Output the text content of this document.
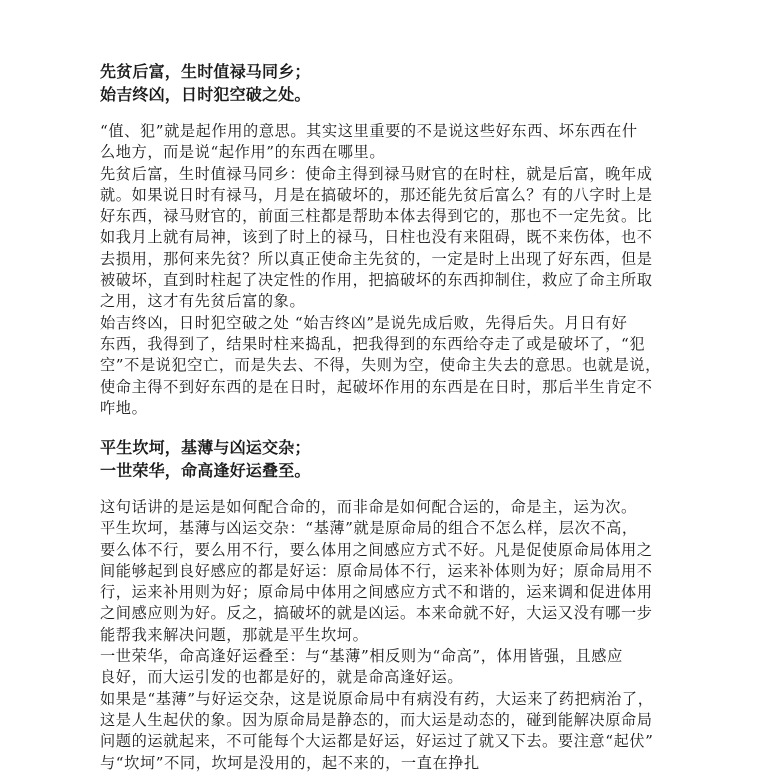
先贫后富，生时值禄马同乡；
始吉终凶，日时犯空破之处。
“值、犯”就是起作用的意思。其实这里重要的不是说这些好东西、坏东西在什
么地方，而是说“起作用”的东西在哪里。
先贫后富，生时值禄马同乡：使命主得到禄马财官的在时柱，就是后富，晚年成
就。如果说日时有禄马，月是在搞破坏的，那还能先贫后富么？有的八字时上是
好东西，禄马财官的，前面三柱都是帮助本体去得到它的，那也不一定先贫。比
如我月上就有局神，该到了时上的禄马，日柱也没有来阻碍，既不来伤体，也不
去损用，那何来先贫？所以真正使命主先贫的，一定是时上出现了好东西，但是
被破坏，直到时柱起了决定性的作用，把搞破坏的东西抑制住，救应了命主所取
之用，这才有先贫后富的象。
始吉终凶，日时犯空破之处 “始吉终凶”是说先成后败，先得后失。月日有好
东西，我得到了，结果时柱来捣乱，把我得到的东西给夺走了或是破坏了，“犯
空”不是说犯空亡，而是失去、不得，失则为空，使命主失去的意思。也就是说，
使命主得不到好东西的是在日时，起破坏作用的东西是在日时，那后半生肯定不
咋地。
平生坎坷，基薄与凶运交杂；
一世荣华，命高逢好运叠至。
这句话讲的是运是如何配合命的，而非命是如何配合运的，命是主，运为次。
平生坎坷，基薄与凶运交杂：“基薄”就是原命局的组合不怎么样，层次不高，
要么体不行，要么用不行，要么体用之间感应方式不好。凡是促使原命局体用之
间能够起到良好感应的都是好运：原命局体不行，运来补体则为好；原命局用不
行，运来补用则为好；原命局中体用之间感应方式不和谐的，运来调和促进体用
之间感应则为好。反之，搞破坏的就是凶运。本来命就不好，大运又没有哪一步
能帮我来解决问题，那就是平生坎坷。
一世荣华，命高逢好运叠至：与“基薄”相反则为“命高”，体用皆强，且感应
良好，而大运引发的也都是好的，就是命高逢好运。
如果是“基薄”与好运交杂，这是说原命局中有病没有药，大运来了药把病治了，
这是人生起伏的象。因为原命局是静态的，而大运是动态的，碰到能解决原命局
问题的运就起来，不可能每个大运都是好运，好运过了就又下去。要注意“起伏”
与“坎坷”不同，坎坷是没用的，起不来的，一直在挣扎
